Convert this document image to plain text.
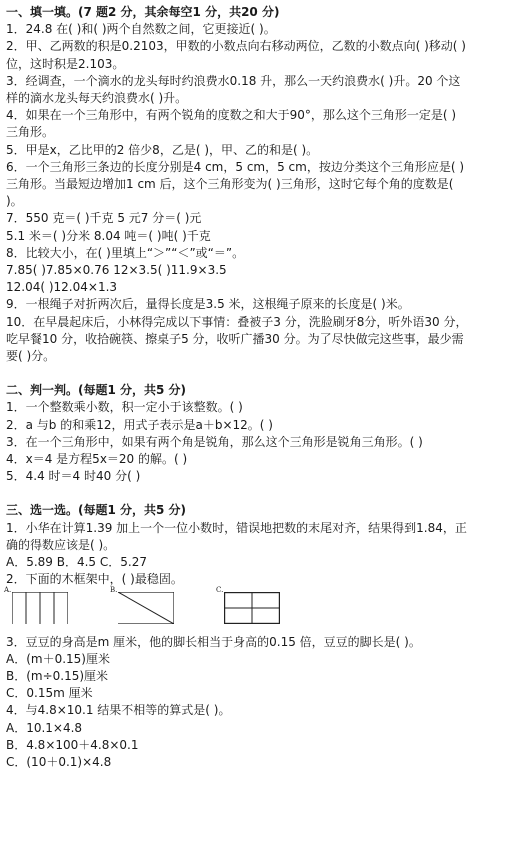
一、填一填。(7 题2 分，其余每空1 分，共20 分)
1．24.8 在( )和( )两个自然数之间，它更接近( )。
2．甲、乙两数的积是0.2103，甲数的小数点向右移动两位，乙数的小数点向( )移动( )
位，这时积是2.103。
3．经调查，一个滴水的龙头每时约浪费水0.18 升，那么一天约浪费水( )升。20 个这
样的滴水龙头每天约浪费水( )升。
4．如果在一个三角形中，有两个锐角的度数之和大于90°，那么这个三角形一定是( )
三角形。
5．甲是x，乙比甲的2 倍少8，乙是( )，甲、乙的和是( )。
6．一个三角形三条边的长度分别是4 cm，5 cm，5 cm，按边分类这个三角形应是( )
三角形。当最短边增加1 cm 后，这个三角形变为( )三角形，这时它每个角的度数是(
)。
7．550 克＝( )千克 5 元7 分＝( )元
5.1 米＝( )分米 8.04 吨＝( )吨( )千克
8．比较大小，在( )里填上“＞”“＜”或“＝”。
7.85( )7.85×0.76 12×3.5( )11.9×3.5
12.04( )12.04×1.3
9．一根绳子对折两次后，量得长度是3.5 米，这根绳子原来的长度是( )米。
10．在早晨起床后，小林得完成以下事情：叠被子3 分，洗脸刷牙8分，听外语30 分，
吃早餐10 分，收拾碗筷、擦桌子5 分，收听广播30 分。为了尽快做完这些事，最少需
要( )分。
二、判一判。(每题1 分，共5 分)
1．一个整数乘小数，积一定小于该整数。( )
2．a 与b 的和乘12，用式子表示是a＋b×12。( )
3．在一个三角形中，如果有两个角是锐角，那么这个三角形是锐角三角形。( )
4．x＝4 是方程5x＝20 的解。( )
5．4.4 时＝4 时40 分( )
三、选一选。(每题1 分，共5 分)
1．小华在计算1.39 加上一个一位小数时，错误地把数的末尾对齐，结果得到1.84，正
确的得数应该是( )。
A．5.89 B．4.5 C．5.27
2．下面的木框架中，( )最稳固。
A.	B.	C.
3．豆豆的身高是m 厘米，他的脚长相当于身高的0.15 倍，豆豆的脚长是( )。
A．(m＋0.15)厘米
B．(m÷0.15)厘米
C．0.15m 厘米
4．与4.8×10.1 结果不相等的算式是( )。
A．10.1×4.8
B．4.8×100＋4.8×0.1
C．(10＋0.1)×4.8
